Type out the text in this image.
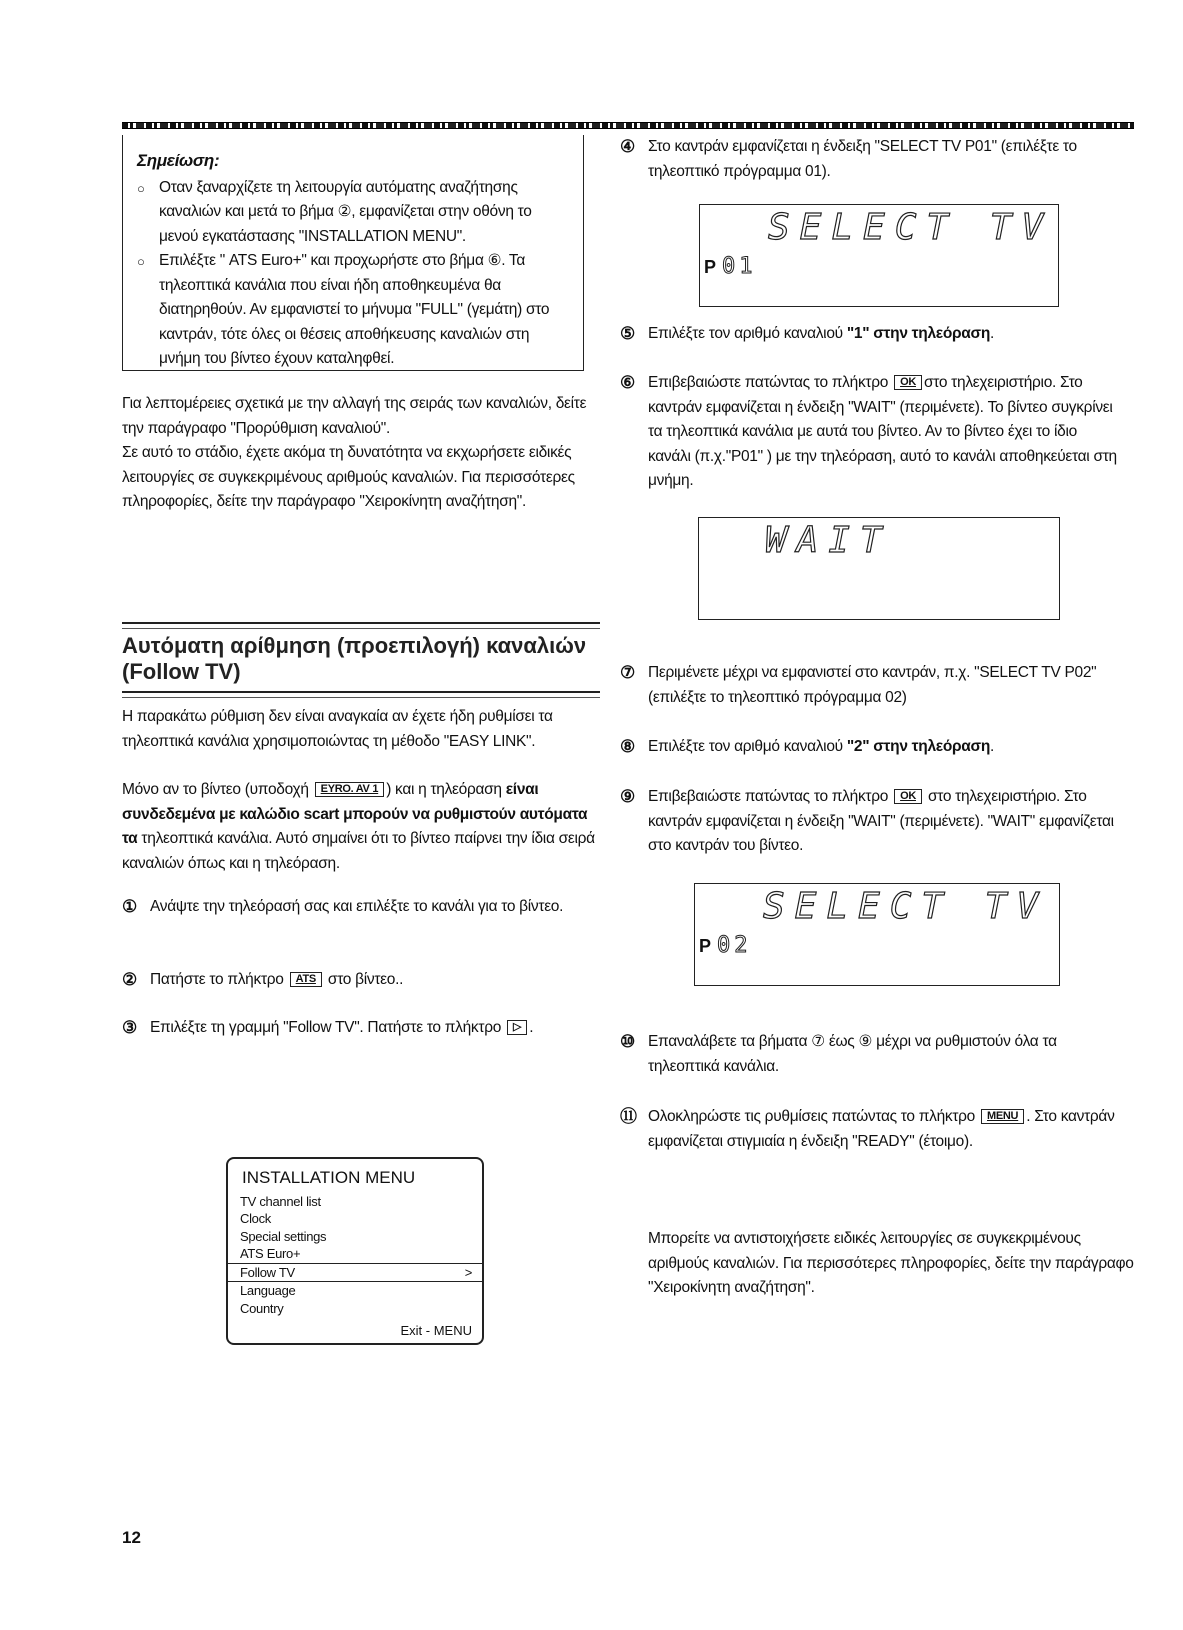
Σημείωση:
○ Οταν ξαναρχίζετε τη λειτουργία αυτόματης αναζήτησης καναλιών και μετά το βήμα ②, εμφανίζεται στην οθόνη το μενού εγκατάστασης "INSTALLATION MENU".
○ Επιλέξτε " ATS Euro+" και προχωρήστε στο βήμα ⑥. Τα τηλεοπτικά κανάλια που είναι ήδη αποθηκευμένα θα διατηρηθούν. Αν εμφανιστεί το μήνυμα "FULL" (γεμάτη) στο καντράν, τότε όλες οι θέσεις αποθήκευσης καναλιών στη μνήμη του βίντεο έχουν καταληφθεί.

Για λεπτομέρειες σχετικά με την αλλαγή της σειράς των καναλιών, δείτε την παράγραφο "Προρύθμιση καναλιού".

Σε αυτό το στάδιο, έχετε ακόμα τη δυνατότητα να εκχωρήσετε ειδικές λειτουργίες σε συγκεκριμένους αριθμούς καναλιών. Για περισσότερες πληροφορίες, δείτε την παράγραφο "Χειροκίνητη αναζήτηση".

Αυτόματη αρίθμηση (προεπιλογή) καναλιών
(Follow TV)

Η παρακάτω ρύθμιση δεν είναι αναγκαία αν έχετε ήδη ρυθμίσει τα τηλεοπτικά κανάλια χρησιμοποιώντας τη μέθοδο "EASY LINK".

Μόνο αν το βίντεο (υποδοχή EYRO. AV 1 ) και η τηλεόραση είναι συνδεδεμένα με καλώδιο scart μπορούν να ρυθμιστούν αυτόματα τα τηλεοπτικά κανάλια. Αυτό σημαίνει ότι το βίντεο παίρνει την ίδια σειρά καναλιών όπως και η τηλεόραση.

① Ανάψτε την τηλεόρασή σας και επιλέξτε το κανάλι για το βίντεο.
② Πατήστε το πλήκτρο ATS στο βίντεο..
③ Επιλέξτε τη γραμμή "Follow TV". Πατήστε το πλήκτρο ▷ .
INSTALLATION MENU
TV channel list
Clock
Special settings
ATS Euro+
Follow TV	>
Language
Country
Exit - MENU
④ Στο καντράν εμφανίζεται η ένδειξη "SELECT TV P01" (επιλέξτε το τηλεοπτικό πρόγραμμα 01).
SELECT TV
P 01
⑤ Επιλέξτε τον αριθμό καναλιού "1" στην τηλεόραση.
⑥ Επιβεβαιώστε πατώντας το πλήκτρο OK στο τηλεχειριστήριο. Στο καντράν εμφανίζεται η ένδειξη "WAIT" (περιμένετε). Το βίντεο συγκρίνει τα τηλεοπτικά κανάλια με αυτά του βίντεο. Αν το βίντεο έχει το ίδιο κανάλι (π.χ."P01" ) με την τηλεόραση, αυτό το κανάλι αποθηκεύεται στη μνήμη.
WAIT
⑦ Περιμένετε μέχρι να εμφανιστεί στο καντράν, π.χ. "SELECT TV P02" (επιλέξτε το τηλεοπτικό πρόγραμμα 02)
⑧ Επιλέξτε τον αριθμό καναλιού "2" στην τηλεόραση.
⑨ Επιβεβαιώστε πατώντας το πλήκτρο OK στο τηλεχειριστήριο. Στο καντράν εμφανίζεται η ένδειξη "WAIT" (περιμένετε). "WAIT" εμφανίζεται στο καντράν του βίντεο.
SELECT TV
P 02
⑩ Επαναλάβετε τα βήματα ⑦ έως ⑨ μέχρι να ρυθμιστούν όλα τα τηλεοπτικά κανάλια.
⑪ Ολοκληρώστε τις ρυθμίσεις πατώντας το πλήκτρο MENU . Στο καντράν εμφανίζεται στιγμιαία η ένδειξη "READY" (έτοιμο).
Μπορείτε να αντιστοιχήσετε ειδικές λειτουργίες σε συγκεκριμένους αριθμούς καναλιών. Για περισσότερες πληροφορίες, δείτε την παράγραφο "Χειροκίνητη αναζήτηση".
12
